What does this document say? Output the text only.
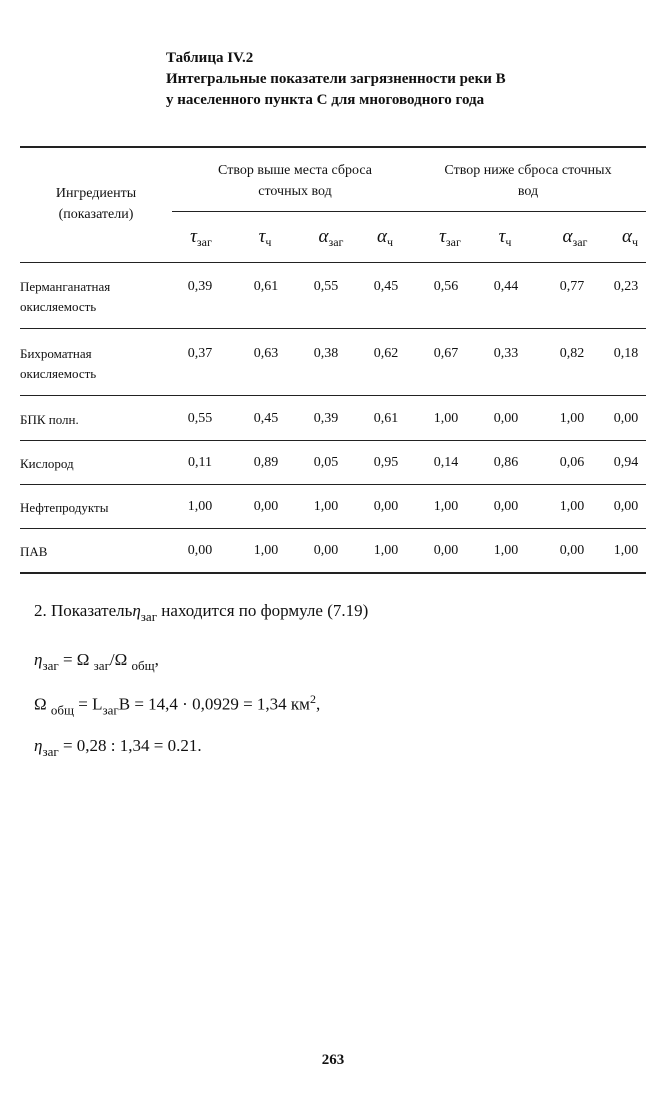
Таблица IV.2
Интегральные показатели загрязненности реки В
у населенного пункта С для многоводного года
Ингредиенты
(показатели)
Створ выше места сброса
сточных вод
Створ ниже сброса сточных
вод
$\tau_{заг}$	$\tau_ч$	$\alpha_{заг}$	$\alpha_ч$	$\tau_{заг}$	$\tau_ч$	$\alpha_{заг}$	$\alpha_ч$
Перманганатная
окисляемость
0,39	0,61	0,55	0,45	0,56	0,44	0,77	0,23
Бихроматная
окисляемость
0,37	0,63	0,38	0,62	0,67	0,33	0,82	0,18
БПК полн.	0,55	0,45	0,39	0,61	1,00	0,00	1,00	0,00
Кислород	0,11	0,89	0,05	0,95	0,14	0,86	0,06	0,94
Нефтепродукты	1,00	0,00	1,00	0,00	1,00	0,00	1,00	0,00
ПАВ	0,00	1,00	0,00	1,00	0,00	1,00	0,00	1,00
2. Показательη$_{заг}$ находится по формуле (7.19)
$\eta_{заг} = \Omega$ $_{заг}$/Ω $_{общ}$,
Ω $_{общ} = L_{заг}B = 14,4 \cdot 0,0929 = 1,34$ $км^2$,
$\eta_{заг} = 0,28$ : 1,34 = 0.21.
263
